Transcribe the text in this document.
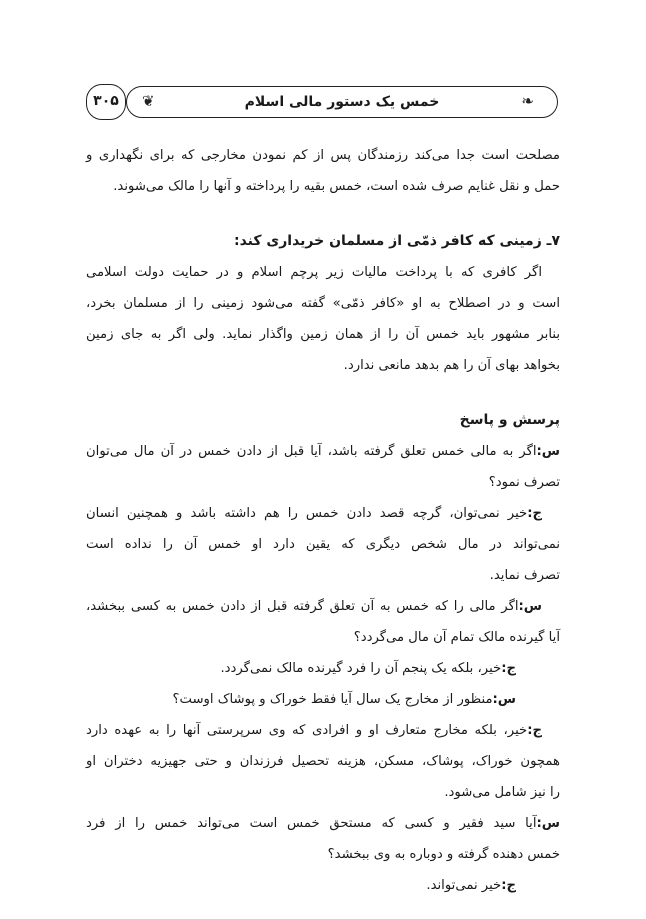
۳۰۵	❦	خمس یک دستور مالی اسلام	❧
مصلحت است جدا می‌کند رزمندگان پس از کم نمودن مخارجی که برای نگهداری و
حمل و نقل غنایم صرف شده است، خمس بقیه را پرداخته و آنها را مالک می‌شوند.
۷ـ زمینی که کافر ذمّی از مسلمان خریداری کند:
اگر کافری که با پرداخت مالیات زیر پرچم اسلام و در حمایت دولت اسلامی
است و در اصطلاح به او «کافر ذمّی» گفته می‌شود زمینی را از مسلمان بخرد،
بنابر مشهور باید خمس آن را از همان زمین واگذار نماید. ولی اگر به جای زمین
بخواهد بهای آن را هم بدهد مانعی ندارد.
پرسش و پاسخ
س:اگر به مالی خمس تعلق گرفته باشد، آیا قبل از دادن خمس در آن مال می‌توان
تصرف نمود؟
ج:خیر نمی‌توان، گرچه قصد دادن خمس را هم داشته باشد و همچنین انسان
نمی‌تواند در مال شخص دیگری که یقین دارد او خمس آن را نداده است
تصرف نماید.
س:اگر مالی را که خمس به آن تعلق گرفته قبل از دادن خمس به کسی ببخشد،
آیا گیرنده مالک تمام آن مال می‌گردد؟
ج:خیر، بلکه یک پنجم آن را فرد گیرنده مالک نمی‌گردد.
س:منظور از مخارج یک سال آیا فقط خوراک و پوشاک اوست؟
ج:خیر، بلکه مخارج متعارف او و افرادی که وی سرپرستی آنها را به عهده دارد
همچون خوراک، پوشاک، مسکن، هزینه تحصیل فرزندان و حتی جهیزیه دختران او
را نیز شامل می‌شود.
س:آیا سید فقیر و کسی که مستحق خمس است می‌تواند خمس را از فرد
خمس دهنده گرفته و دوباره به وی ببخشد؟
ج:خیر نمی‌تواند.
